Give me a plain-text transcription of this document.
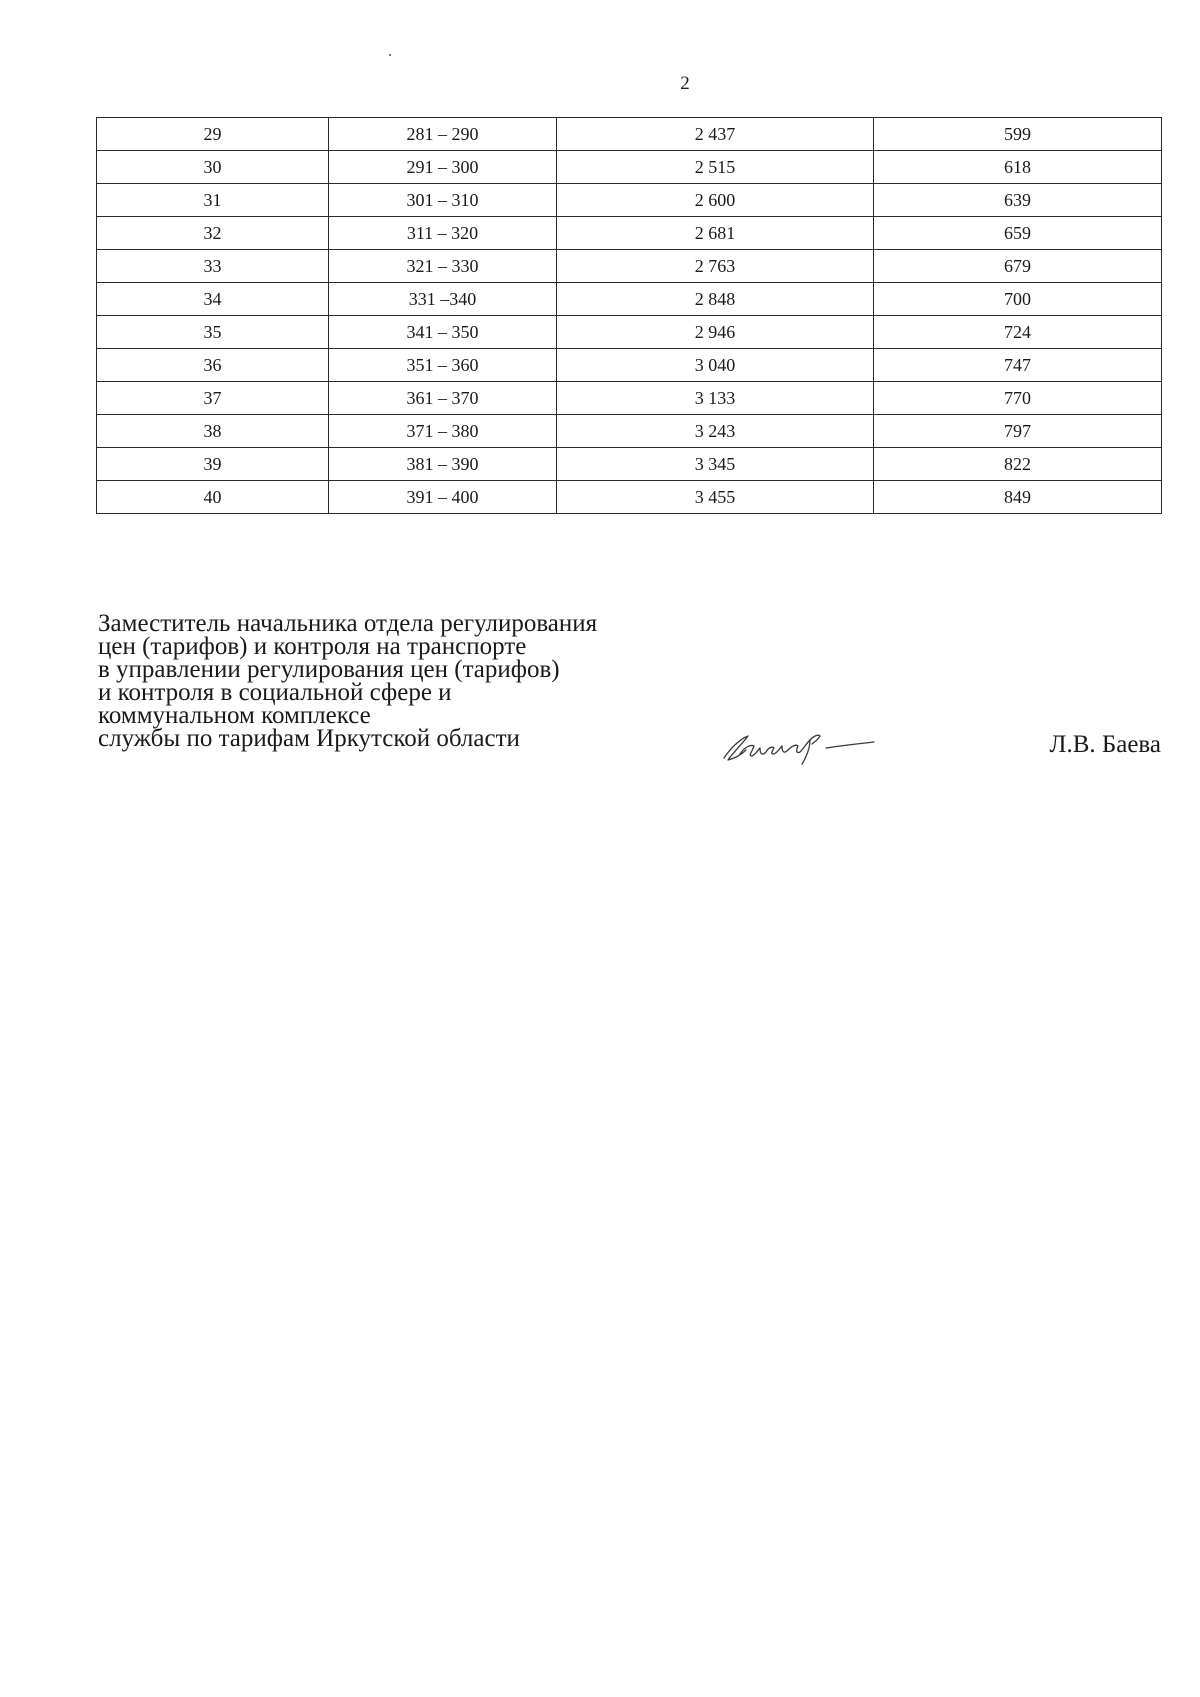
2
29	281 – 290	2 437	599
30	291 – 300	2 515	618
31	301 – 310	2 600	639
32	311 – 320	2 681	659
33	321 – 330	2 763	679
34	331 –340	2 848	700
35	341 – 350	2 946	724
36	351 – 360	3 040	747
37	361 – 370	3 133	770
38	371 – 380	3 243	797
39	381 – 390	3 345	822
40	391 – 400	3 455	849
Заместитель начальника отдела регулирования
цен (тарифов) и контроля на транспорте
в управлении регулирования цен (тарифов)
и контроля в социальной сфере и
коммунальном комплексе
службы по тарифам Иркутской области	Л.В. Баева
